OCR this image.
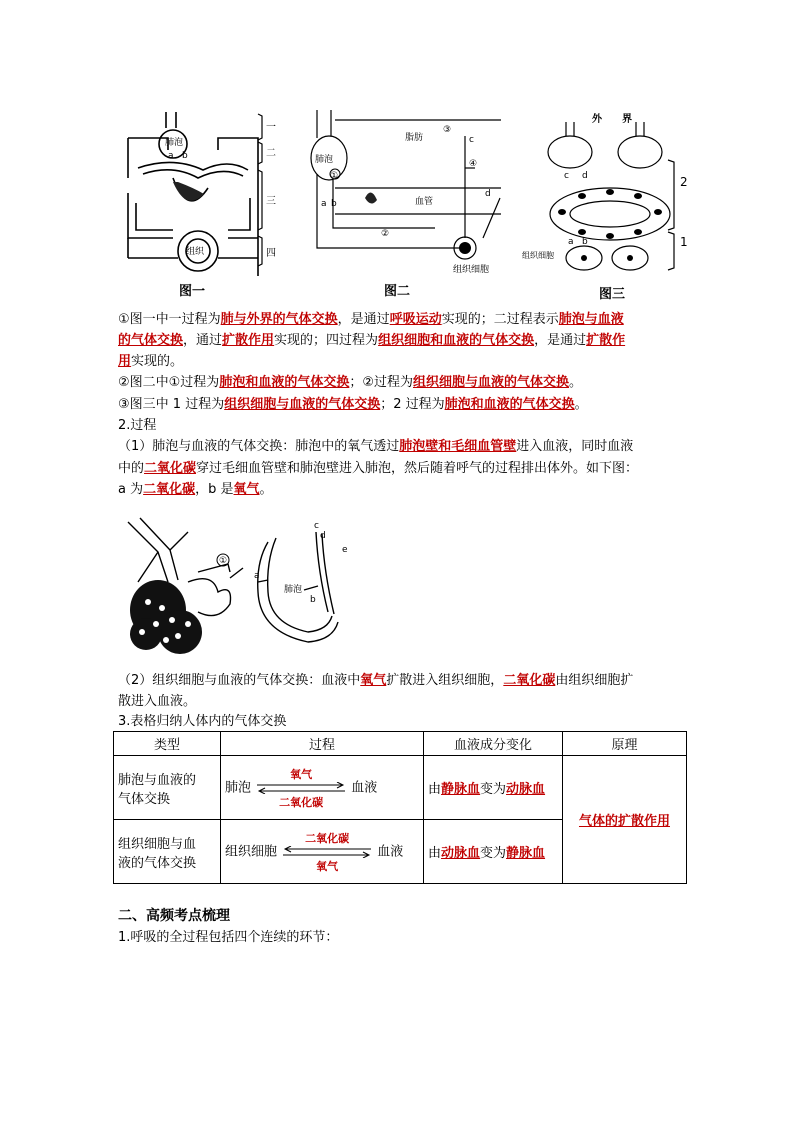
肺泡
a b
组织
一
二
三
四
图一
肺泡
脂肪
血管
组织细胞
①
②
③
④
a b
c
d
图二
外 界
2
1
组织细胞
a b
c d
图三
①图一中一过程为肺与外界的气体交换，是通过呼吸运动实现的；二过程表示肺泡与血液
的气体交换，通过扩散作用实现的；四过程为组织细胞和血液的气体交换，是通过扩散作
用实现的。
②图二中①过程为肺泡和血液的气体交换；②过程为组织细胞与血液的气体交换。
③图三中 1 过程为组织细胞与血液的气体交换；2 过程为肺泡和血液的气体交换。
2.过程
（1）肺泡与血液的气体交换：肺泡中的氧气透过肺泡壁和毛细血管壁进入血液，同时血液
中的二氧化碳穿过毛细血管壁和肺泡壁进入肺泡，然后随着呼气的过程排出体外。如下图：
a 为二氧化碳，b 是氧气。
①
肺泡
a
b
c
d
e
（2）组织细胞与血液的气体交换：血液中氧气扩散进入组织细胞，二氧化碳由组织细胞扩
散进入血液。
3.表格归纳人体内的气体交换
类型	过程	血液成分变化	原理
肺泡与血液的
气体交换	肺泡
氧气
二氧化碳
血液	由静脉血变为动脉血	气体的扩散作用
组织细胞与血
液的气体交换	组织细胞
二氧化碳
氧气
血液	由动脉血变为静脉血	
二、高频考点梳理
1.呼吸的全过程包括四个连续的环节：
